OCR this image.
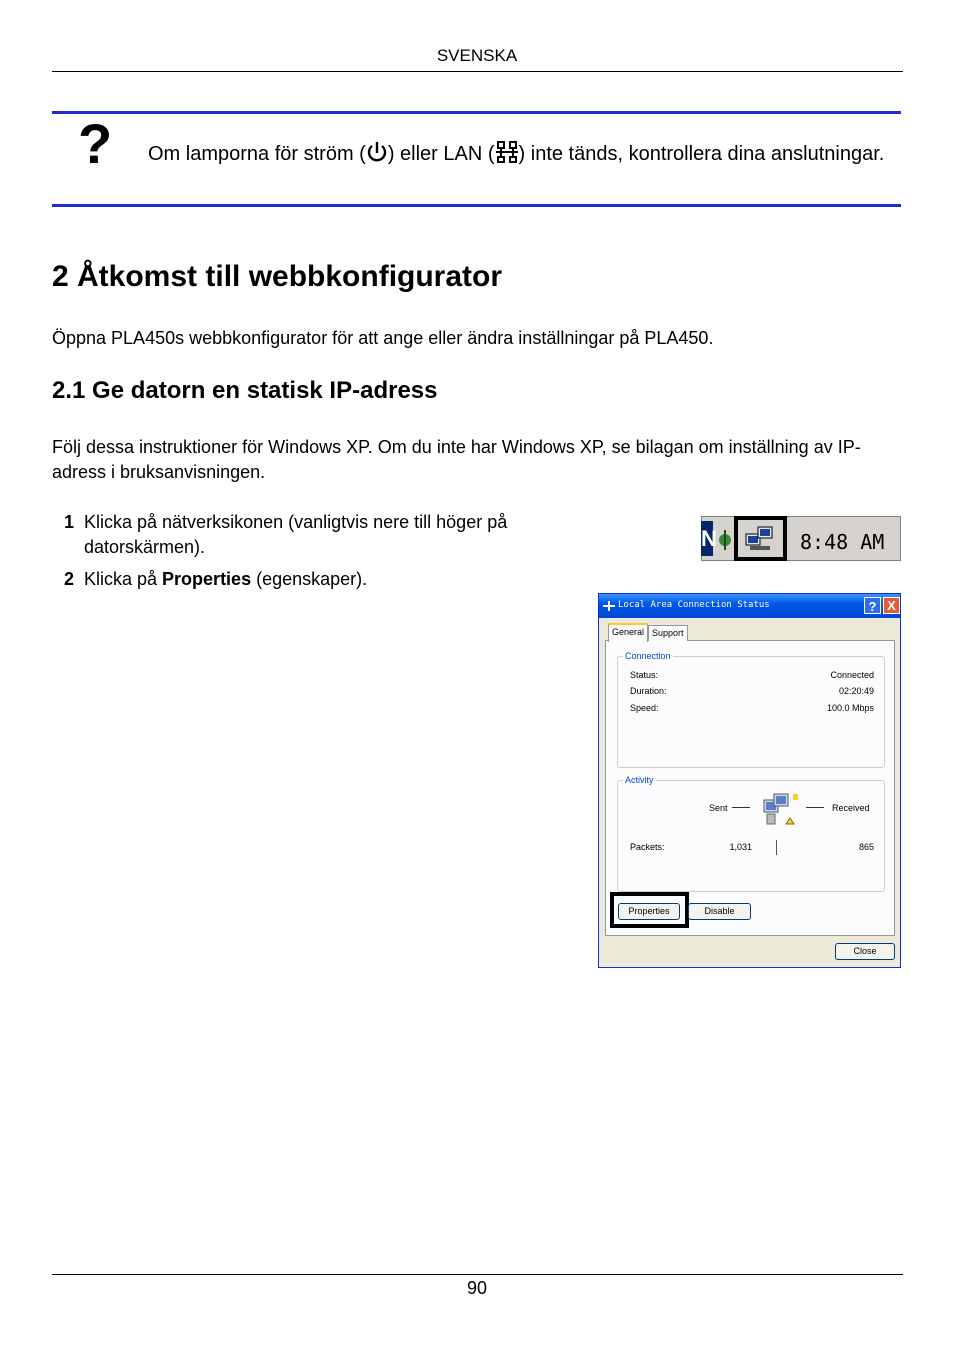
SVENSKA
? Om lamporna för ström ( ) eller LAN ( ) inte tänds, kontrollera dina anslutningar.
2 Åtkomst till webbkonfigurator
Öppna PLA450s webbkonfigurator för att ange eller ändra inställningar på PLA450.
2.1 Ge datorn en statisk IP-adress
Följ dessa instruktioner för Windows XP. Om du inte har Windows XP, se bilagan om inställning av IP-adress i bruksanvisningen.
1 Klicka på nätverksikonen (vanligtvis nere till höger på datorskärmen).
2 Klicka på Properties (egenskaper).
N	8:48 AM
Local Area Connection Status	? X
General Support
Connection
Status:	Connected
Duration:	02:20:49
Speed:	100.0 Mbps
Activity
Sent	Received
Packets:	1,031	865
Properties	Disable
Close
90
